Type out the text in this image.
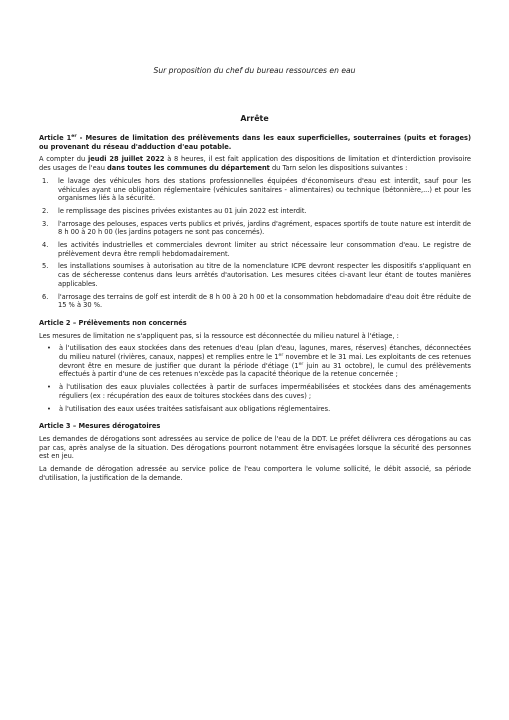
Sur proposition du chef du bureau ressources en eau
Arrête

Article 1er - Mesures de limitation des prélèvements dans les eaux superficielles, souterraines (puits et forages) ou provenant du réseau d'adduction d'eau potable.

A compter du jeudi 28 juillet 2022 à 8 heures, il est fait application des dispositions de limitation et d'interdiction provisoire des usages de l'eau dans toutes les communes du département du Tarn selon les dispositions suivantes :

1. le lavage des véhicules hors des stations professionnelles équipées d'économiseurs d'eau est interdit, sauf pour les véhicules ayant une obligation réglementaire (véhicules sanitaires - alimentaires) ou technique (bétonnière,...) et pour les organismes liés à la sécurité.
2. le remplissage des piscines privées existantes au 01 juin 2022 est interdit.
3. l'arrosage des pelouses, espaces verts publics et privés, jardins d'agrément, espaces sportifs de toute nature est interdit de 8 h 00 à 20 h 00 (les jardins potagers ne sont pas concernés).
4. les activités industrielles et commerciales devront limiter au strict nécessaire leur consommation d'eau. Le registre de prélèvement devra être rempli hebdomadairement.
5. les installations soumises à autorisation au titre de la nomenclature ICPE devront respecter les dispositifs s'appliquant en cas de sécheresse contenus dans leurs arrêtés d'autorisation. Les mesures citées ci-avant leur étant de toutes manières applicables.
6. l'arrosage des terrains de golf est interdit de 8 h 00 à 20 h 00 et la consommation hebdomadaire d'eau doit être réduite de 15 % à 30 %.

Article 2 – Prélèvements non concernés

Les mesures de limitation ne s'appliquent pas, si la ressource est déconnectée du milieu naturel à l'étiage, :

• à l'utilisation des eaux stockées dans des retenues d'eau (plan d'eau, lagunes, mares, réserves) étanches, déconnectées du milieu naturel (rivières, canaux, nappes) et remplies entre le 1er novembre et le 31 mai. Les exploitants de ces retenues devront être en mesure de justifier que durant la période d'étiage (1er juin au 31 octobre), le cumul des prélèvements effectués à partir d'une de ces retenues n'excède pas la capacité théorique de la retenue concernée ;
• à l'utilisation des eaux pluviales collectées à partir de surfaces imperméabilisées et stockées dans des aménagements réguliers (ex : récupération des eaux de toitures stockées dans des cuves) ;
• à l'utilisation des eaux usées traitées satisfaisant aux obligations réglementaires.

Article 3 – Mesures dérogatoires

Les demandes de dérogations sont adressées au service de police de l'eau de la DDT. Le préfet délivrera ces dérogations au cas par cas, après analyse de la situation. Des dérogations pourront notamment être envisagées lorsque la sécurité des personnes est en jeu.

La demande de dérogation adressée au service police de l'eau comportera le volume sollicité, le débit associé, sa période d'utilisation, la justification de la demande.
